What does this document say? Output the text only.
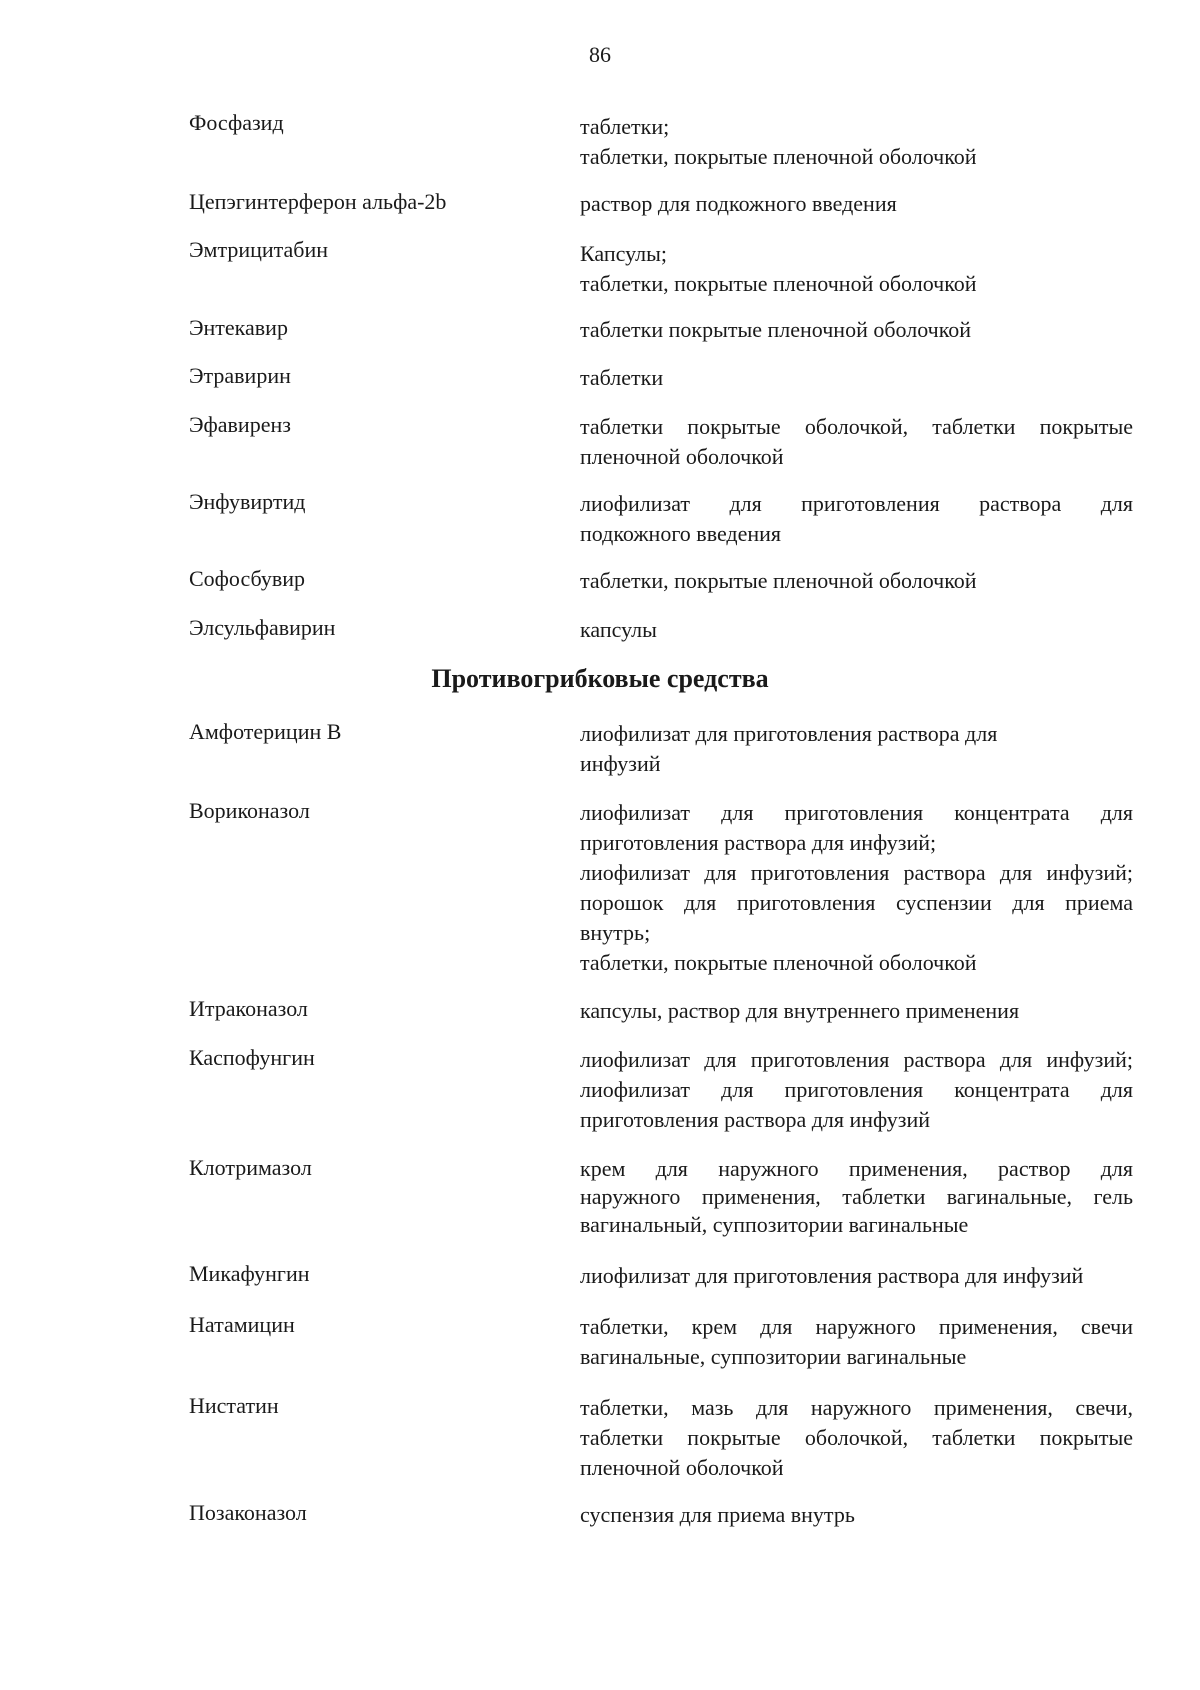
86
Фосфазид	таблетки;
таблетки, покрытые пленочной оболочкой
Цепэгинтерферон альфа-2b	раствор для подкожного введения
Эмтрицитабин	Капсулы;
таблетки, покрытые пленочной оболочкой
Энтекавир	таблетки покрытые пленочной оболочкой
Этравирин	таблетки
Эфавиренз	таблетки покрытые оболочкой, таблетки покрытые
пленочной оболочкой
Энфувиртид	лиофилизат для приготовления раствора для
подкожного введения
Софосбувир	таблетки, покрытые пленочной оболочкой
Элсульфавирин	капсулы
Противогрибковые средства
Амфотерицин В	лиофилизат для приготовления раствора для
инфузий
Вориконазол	лиофилизат для приготовления концентрата для
приготовления раствора для инфузий;
лиофилизат для приготовления раствора для инфузий;
порошок для приготовления суспензии для приема
внутрь;
таблетки, покрытые пленочной оболочкой
Итраконазол	капсулы, раствор для внутреннего применения
Каспофунгин	лиофилизат для приготовления раствора для инфузий;
лиофилизат для приготовления концентрата для
приготовления раствора для инфузий
Клотримазол	крем для наружного применения, раствор для
наружного применения, таблетки вагинальные, гель
вагинальный, суппозитории вагинальные
Микафунгин	лиофилизат для приготовления раствора для инфузий
Натамицин	таблетки, крем для наружного применения, свечи
вагинальные, суппозитории вагинальные
Нистатин	таблетки, мазь для наружного применения, свечи,
таблетки покрытые оболочкой, таблетки покрытые
пленочной оболочкой
Позаконазол	суспензия для приема внутрь
